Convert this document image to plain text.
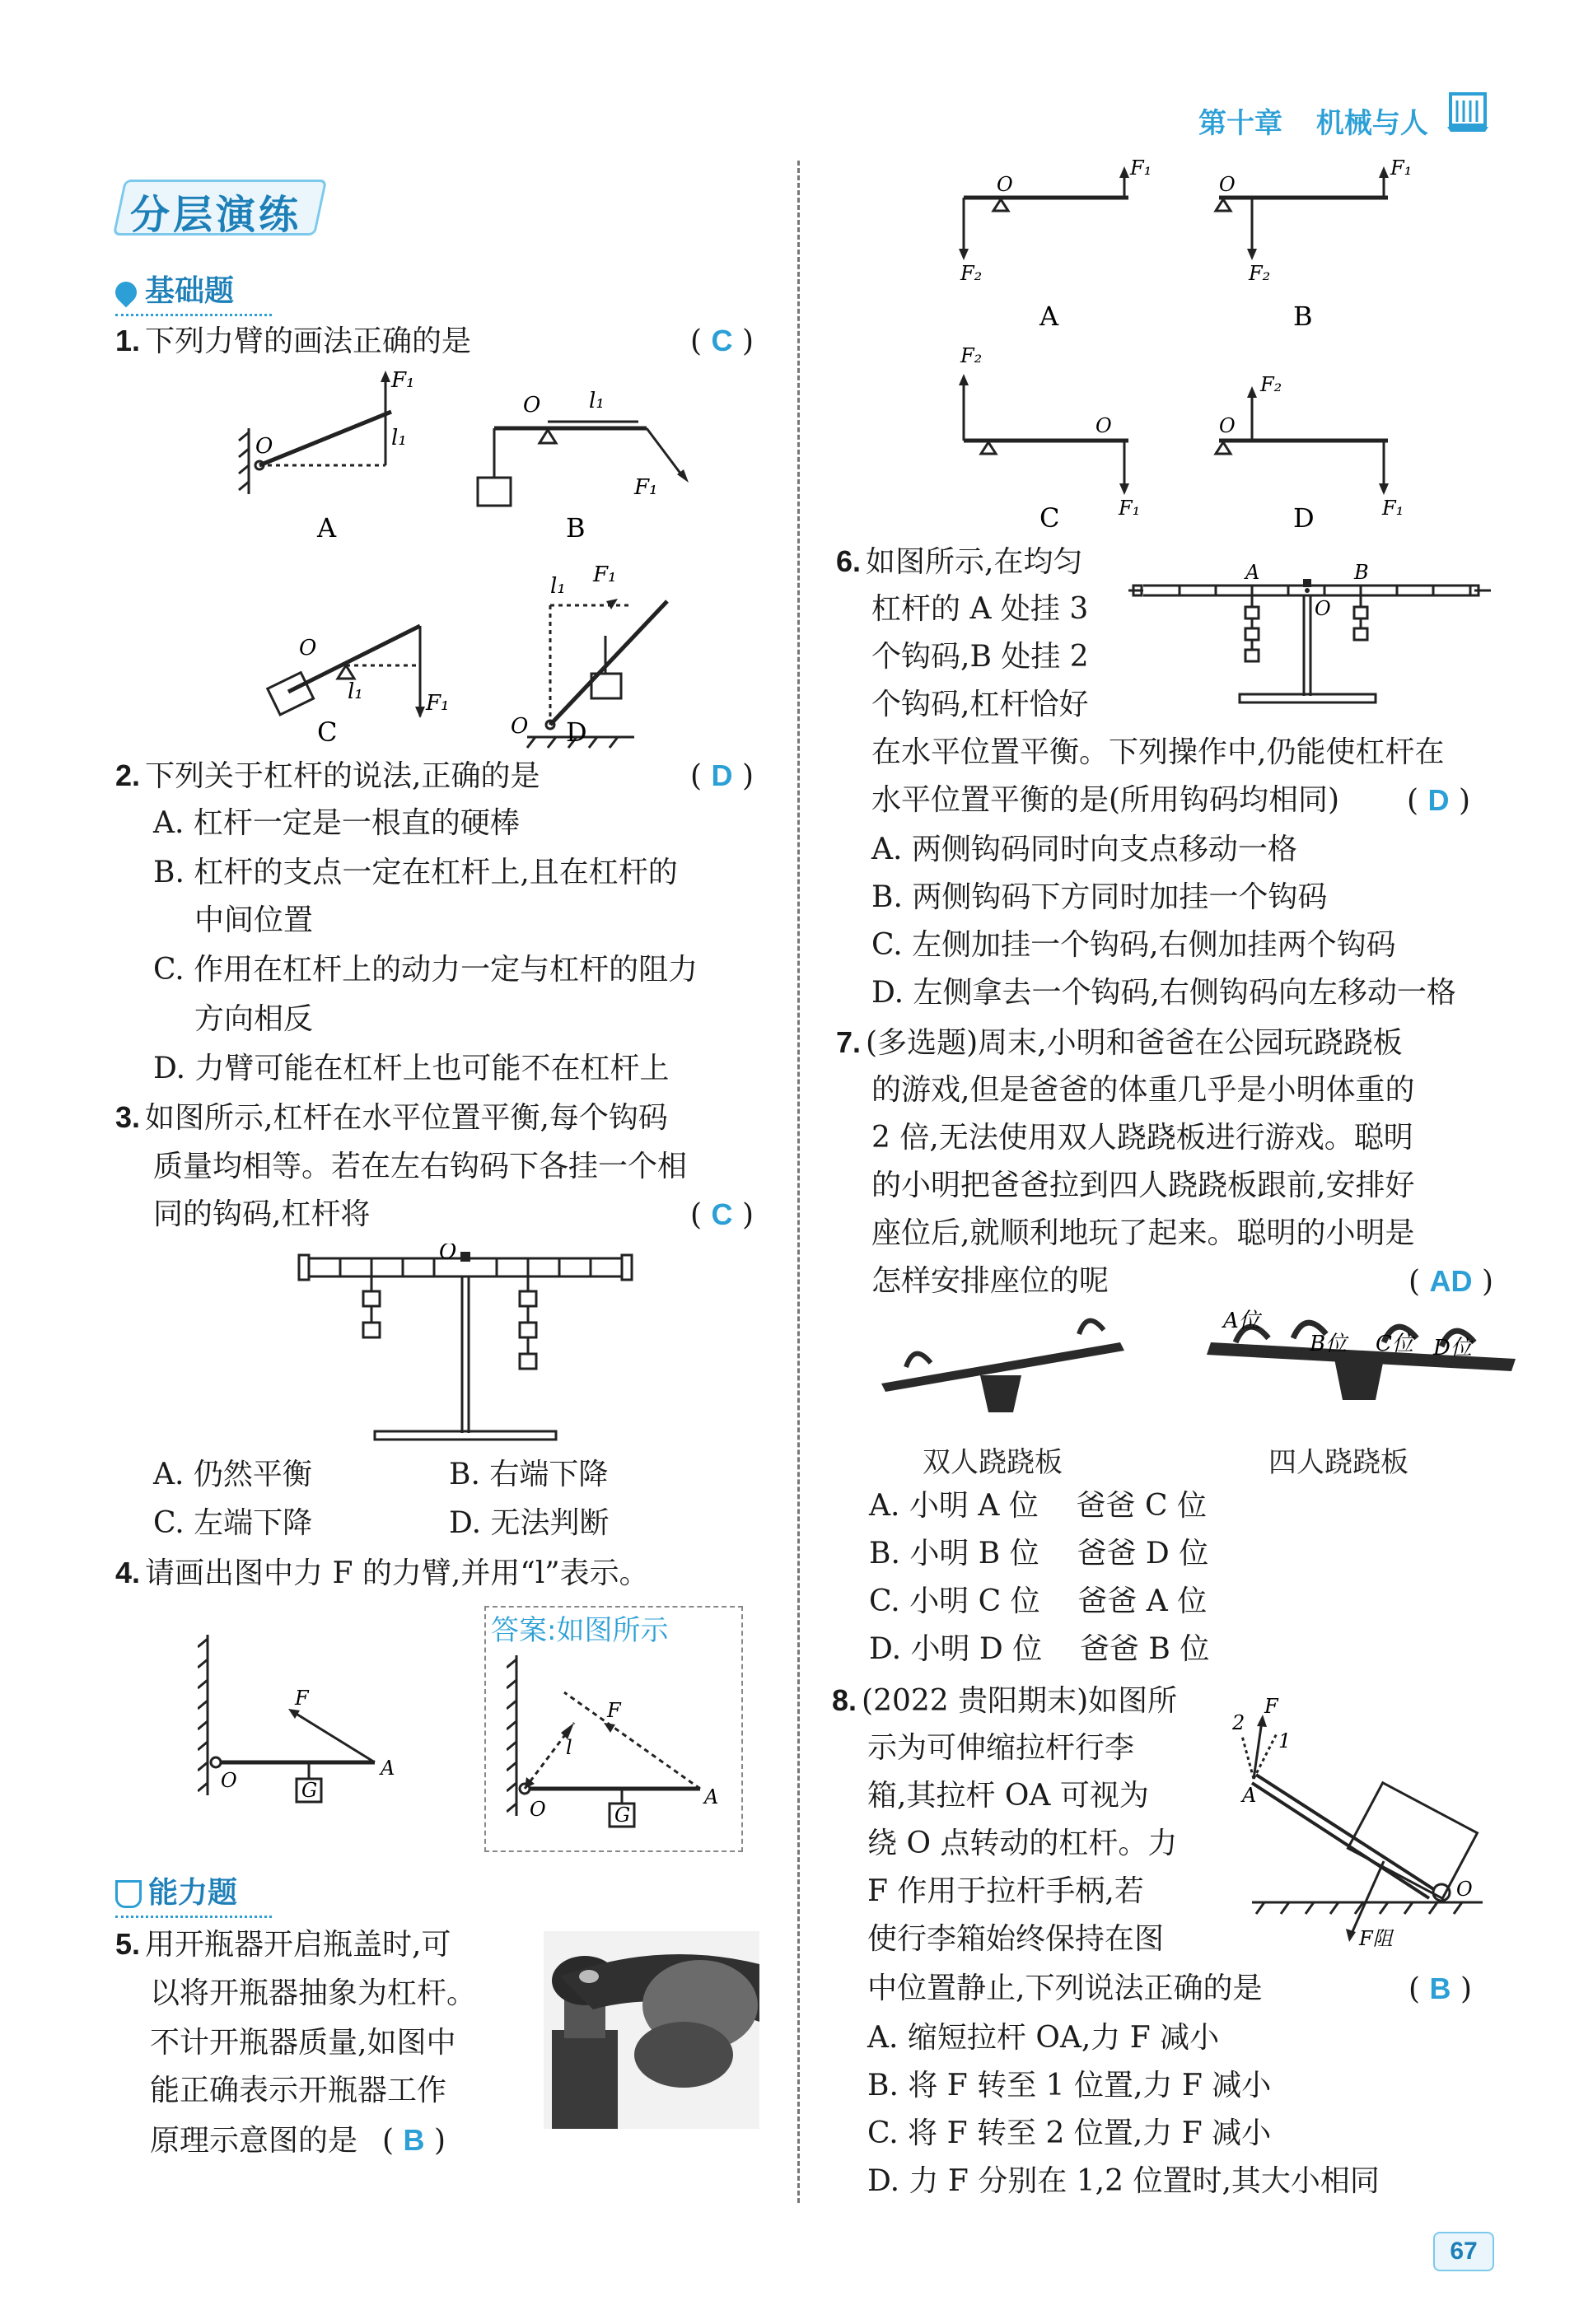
第十章 机械与人
分层演练
基础题
1. 下列力臂的画法正确的是	( C )
O
F₁
l₁
O l₁
F₁
O
l₁	F₁
O
l₁ F₁
A	B
C	D
2. 下列关于杠杆的说法,正确的是	( D )
A. 杠杆一定是一根直的硬棒
B. 杠杆的支点一定在杠杆上,且在杠杆的
中间位置
C. 作用在杠杆上的动力一定与杠杆的阻力
方向相反
D. 力臂可能在杠杆上也可能不在杠杆上
3. 如图所示,杠杆在水平位置平衡,每个钩码
质量均相等。若在左右钩码下各挂一个相
同的钩码,杠杆将	( C )
O
A. 仍然平衡	B. 右端下降
C. 左端下降	D. 无法判断
4. 请画出图中力 F 的力臂,并用“l”表示。
F
O
A
G
答案:如图所示
F
l
O
A
G
能力题
5. 用开瓶器开启瓶盖时,可
以将开瓶器抽象为杠杆。
不计开瓶器质量,如图中
能正确表示开瓶器工作
原理示意图的是 ( B )
O
F₁
F₂
O
F₁
F₂
O
F₂
F₁
O
F₂
F₁
A	B
C	D
6. 如图所示,在均匀
杠杆的 A 处挂 3
个钩码,B 处挂 2
个钩码,杠杆恰好
在水平位置平衡。下列操作中,仍能使杠杆在
水平位置平衡的是(所用钩码均相同) ( D )
A	B
O
A. 两侧钩码同时向支点移动一格
B. 两侧钩码下方同时加挂一个钩码
C. 左侧加挂一个钩码,右侧加挂两个钩码
D. 左侧拿去一个钩码,右侧钩码向左移动一格
7. (多选题)周末,小明和爸爸在公园玩跷跷板
的游戏,但是爸爸的体重几乎是小明体重的
2 倍,无法使用双人跷跷板进行游戏。聪明
的小明把爸爸拉到四人跷跷板跟前,安排好
座位后,就顺利地玩了起来。聪明的小明是
怎样安排座位的呢	( AD )
A位
B位 C位 D位
双人跷跷板	四人跷跷板
A. 小明 A 位    爸爸 C 位
B. 小明 B 位    爸爸 D 位
C. 小明 C 位    爸爸 A 位
D. 小明 D 位    爸爸 B 位
8. (2022 贵阳期末)如图所
示为可伸缩拉杆行李
箱,其拉杆 OA 可视为
绕 O 点转动的杠杆。力
F 作用于拉杆手柄,若
使行李箱始终保持在图
中位置静止,下列说法正确的是	( B )
2
F
1
A
O
F阻
A. 缩短拉杆 OA,力 F 减小
B. 将 F 转至 1 位置,力 F 减小
C. 将 F 转至 2 位置,力 F 减小
D. 力 F 分别在 1,2 位置时,其大小相同
67
